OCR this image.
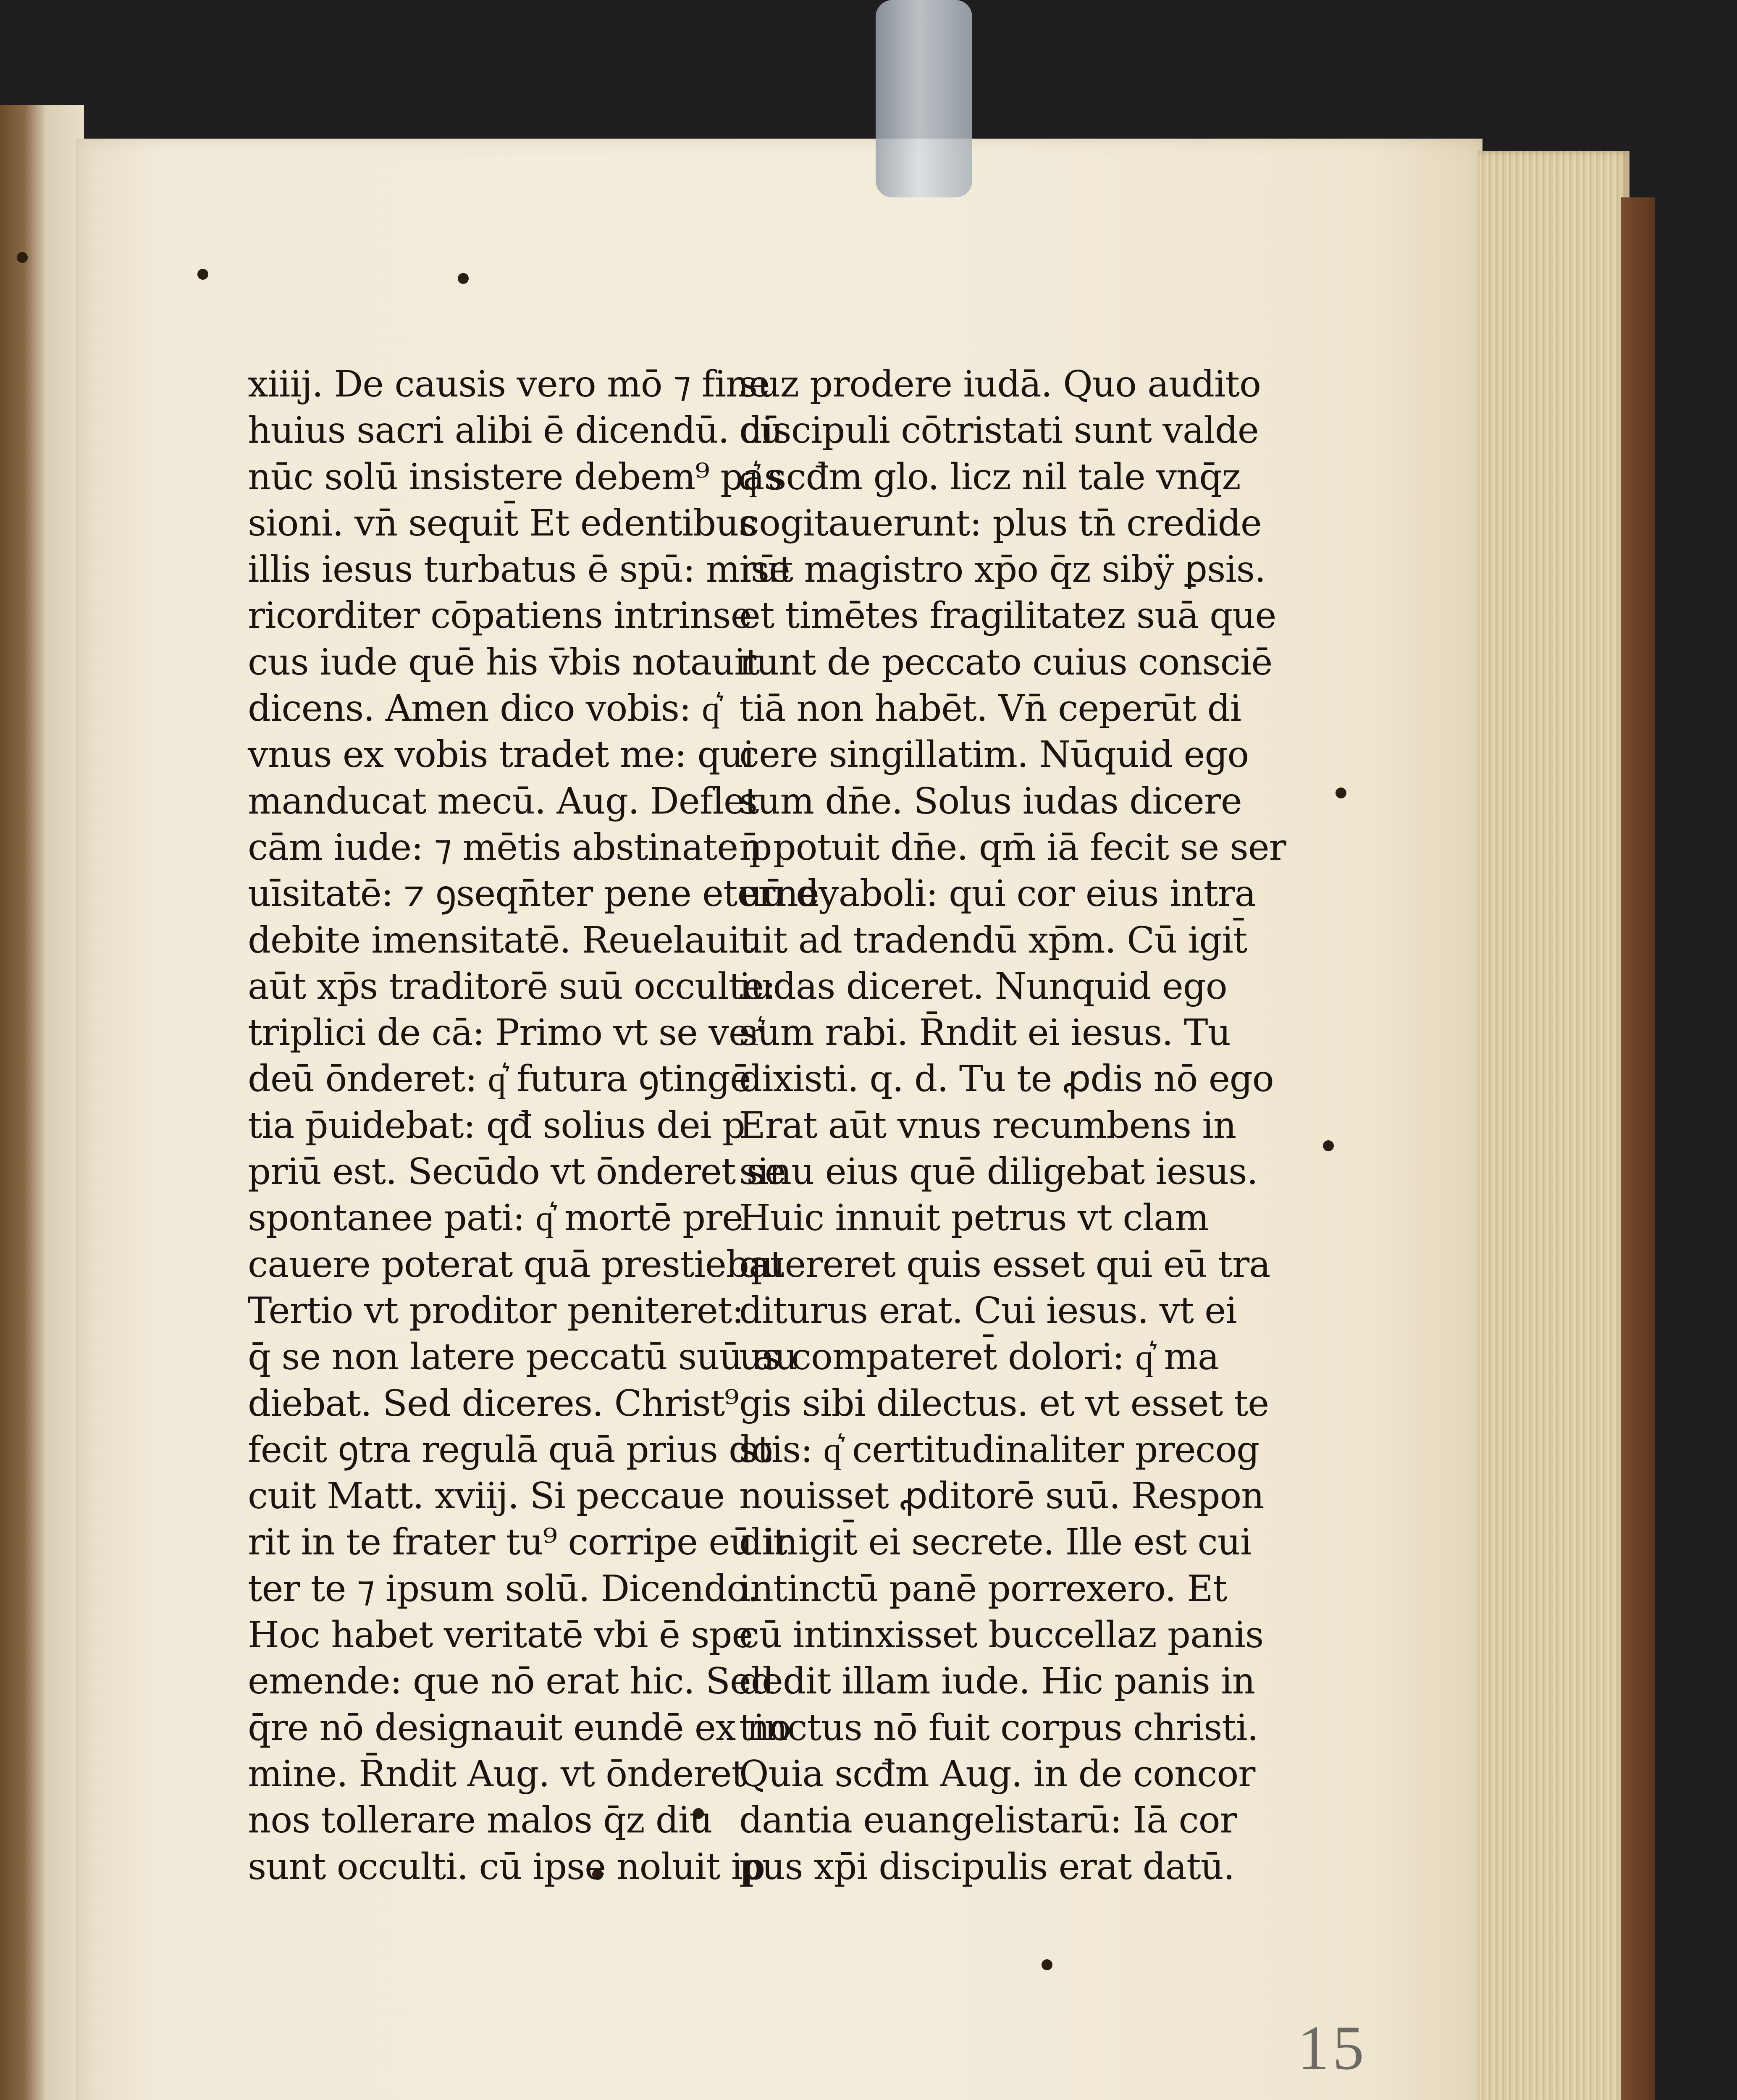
xiiij. De causis vero mō ⁊ fine
huius sacri alibi ē dicendū. cū
nūc solū insistere debem⁹ pas
sioni. vn̄ sequit̄ Et edentibus
illis iesus turbatus ē spū: mise
ricorditer cōpatiens intrinse
cus iude quē his v̄bis notauit
dicens. Amen dico vobis: q͛
vnus ex vobis tradet me: qui
manducat mecū. Aug. Deflet
cām iude: ⁊ mētis abstinate p
uīsitatē: ⁊ ꝯseqn̄ter pene eterne
debite imensitatē. Reuelauit
aūt xp̄s traditorē suū occulte:
triplici de cā: Primo vt se ver͛
deū ōnderet: q͛ futura ꝯtingē
tia p̄uidebat: qđ solius dei p
priū est. Secūdo vt ōnderet se
spontanee pati: q͛ mortē pre
cauere poterat quā prestiebat
Tertio vt proditor peniteret:
q̄ se non latere peccatū suū au
diebat. Sed diceres. Christ⁹
fecit ꝯtra regulā quā prius do
cuit Matt. xviij. Si peccaue
rit in te frater tu⁹ corripe eū in
ter te ⁊ ipsum solū. Dicendo.
Hoc habet veritatē vbi ē spe
emende: que nō erat hic. Sed
q̄re nō designauit eundē ex no
mine. R̄ndit Aug. vt ōnderet
nos tollerare malos q̄z diu
sunt occulti. cū ipse noluit ip
suz prodere iudā. Quo audito
discipuli cōtristati sunt valde
q͛ scđm glo. licz nil tale vnq̄z
cogitauerunt: plus tn̄ credide
rūt magistro xp̄o q̄z sibÿ ꝑsis.
et timētes fragilitatez suā que
runt de peccato cuius consciē
tiā non habēt. Vn̄ ceperūt di
cere singillatim. Nūquid ego
sum dn̄e. Solus iudas dicere
n̄ potuit dn̄e. qm̄ iā fecit se ser
uū dyaboli: qui cor eius intra
uit ad tradendū xp̄m. Cū igit̄
iudas diceret. Nunquid ego
sum rabi. R̄ndit ei iesus. Tu
dixisti. q. d. Tu te ꝓdis nō ego
Erat aūt vnus recumbens in
sinu eius quē diligebat iesus.
Huic innuit petrus vt clam
quereret quis esset qui eū tra
diturus erat. Cui iesus. vt ei
us compateret̄ dolori: q͛ ma
gis sibi dilectus. et vt esset te
stis: q͛ certitudinaliter precog
nouisset ꝓditorē suū. Respon
dit igit̄ ei secrete. Ille est cui
intinctū panē porrexero. Et
cū intinxisset buccellaz panis
dedit illam iude. Hic panis in
tinctus nō fuit corpus christi.
Quia scđm Aug. in de concor
dantia euangelistarū: Iā cor
pus xp̄i discipulis erat datū.
15
